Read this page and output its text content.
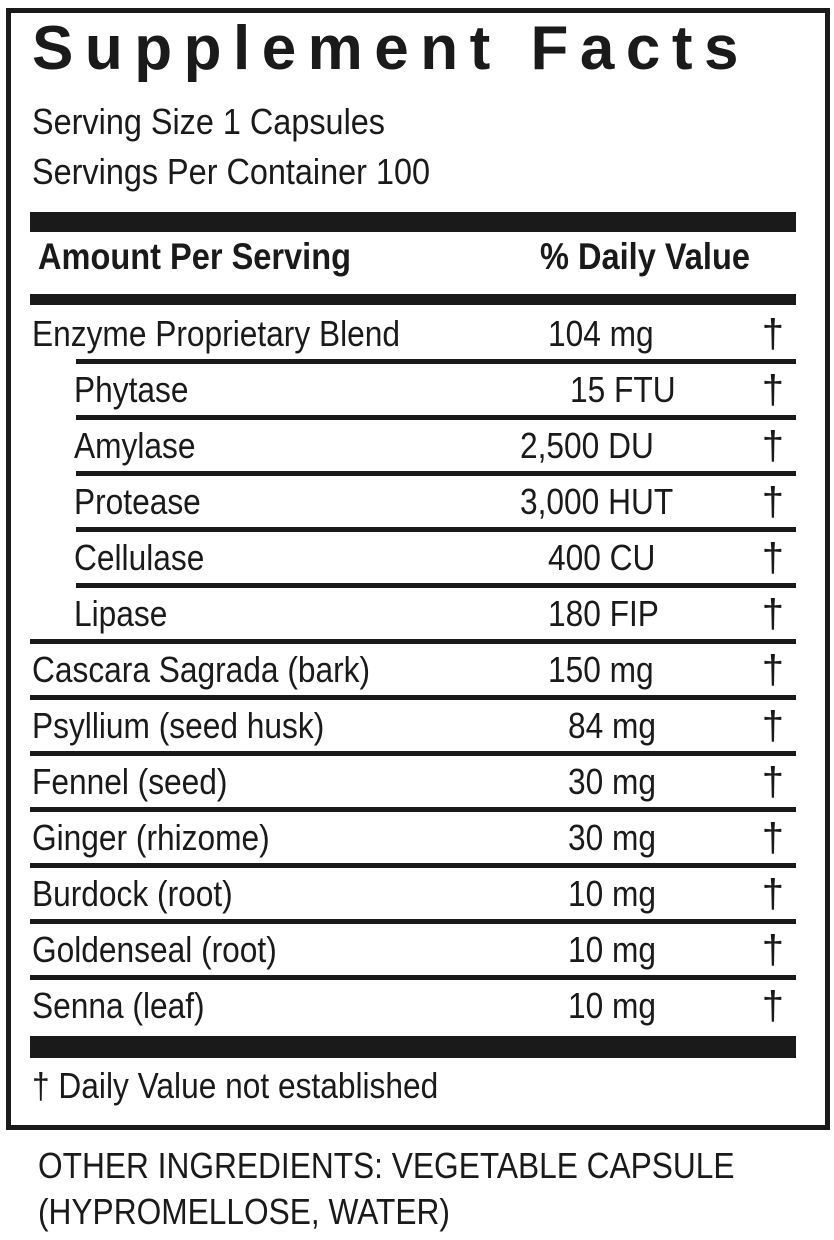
Supplement Facts
Serving Size 1 Capsules
Servings Per Container 100
Amount Per Serving	% Daily Value
Enzyme Proprietary Blend	104 mg	†
Phytase	15 FTU	†
Amylase	2,500 DU	†
Protease	3,000 HUT †
Cellulase	400 CU	†
Lipase	180 FIP	†
Cascara Sagrada (bark)	150 mg	†
Psyllium (seed husk)	84 mg	†
Fennel (seed)	30 mg	†
Ginger (rhizome)	30 mg	†
Burdock (root)	10 mg	†
Goldenseal (root)	10 mg	†
Senna (leaf)	10 mg	†
† Daily Value not established
OTHER INGREDIENTS: VEGETABLE CAPSULE
(HYPROMELLOSE, WATER)
